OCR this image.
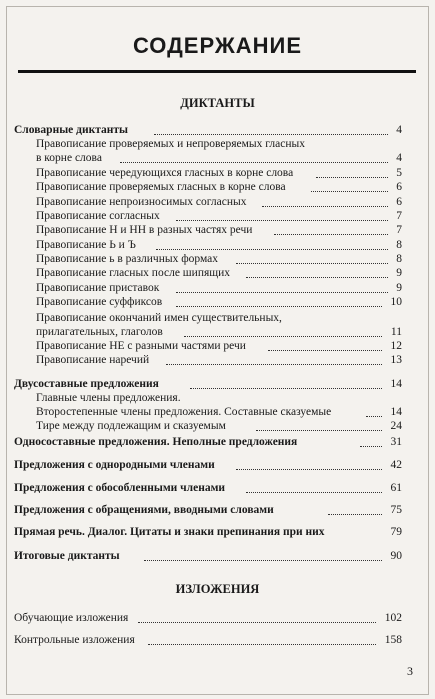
СОДЕРЖАНИЕ
ДИКТАНТЫ
Словарные диктанты	4
Правописание проверяемых и непроверяемых гласных
в корне слова	4
Правописание чередующихся гласных в корне слова	5
Правописание проверяемых гласных в корне слова	6
Правописание непроизносимых согласных	6
Правописание согласных	7
Правописание Н и НН в разных частях речи	7
Правописание Ь и Ъ	8
Правописание ь в различных формах	8
Правописание гласных после шипящих	9
Правописание приставок	9
Правописание суффиксов	10
Правописание окончаний имен существительных,
прилагательных, глаголов	11
Правописание НЕ с разными частями речи	12
Правописание наречий	13
Двусоставные предложения	14
Главные члены предложения.
Второстепенные члены предложения. Составные сказуемые	14
Тире между подлежащим и сказуемым	24
Односоставные предложения. Неполные предложения	31
Предложения с однородными членами	42
Предложения с обособленными членами	61
Предложения с обращениями, вводными словами	75
Прямая речь. Диалог. Цитаты и знаки препинания при них	79
Итоговые диктанты	90
ИЗЛОЖЕНИЯ
Обучающие изложения	102
Контрольные изложения	158
3
